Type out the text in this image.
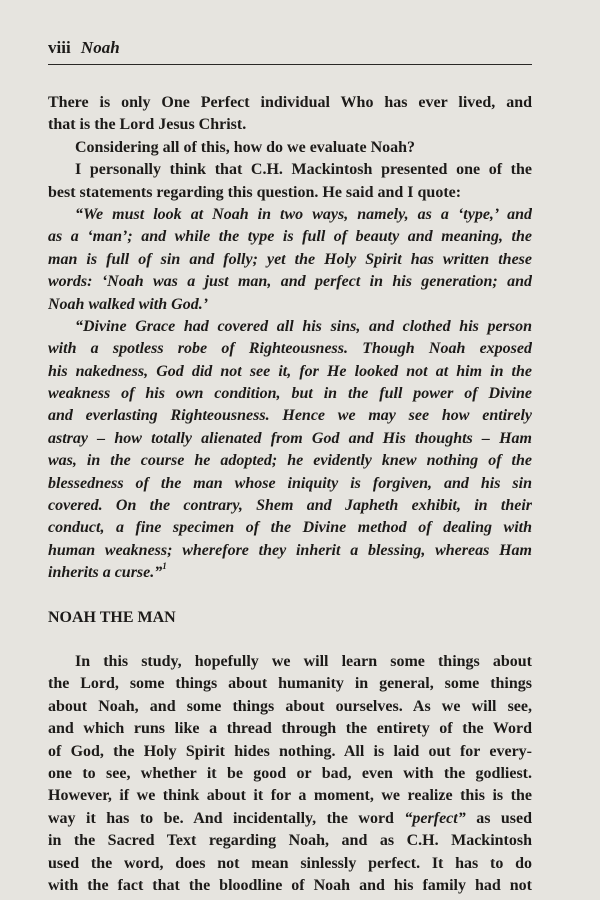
viii Noah
There is only One Perfect individual Who has ever lived, and
that is the Lord Jesus Christ.
Considering all of this, how do we evaluate Noah?
I personally think that C.H. Mackintosh presented one of the
best statements regarding this question. He said and I quote:
“We must look at Noah in two ways, namely, as a ‘type,’ and
as a ‘man’; and while the type is full of beauty and meaning, the
man is full of sin and folly; yet the Holy Spirit has written these
words: ‘Noah was a just man, and perfect in his generation; and
Noah walked with God.’
“Divine Grace had covered all his sins, and clothed his person
with a spotless robe of Righteousness. Though Noah exposed
his nakedness, God did not see it, for He looked not at him in the
weakness of his own condition, but in the full power of Divine
and everlasting Righteousness. Hence we may see how entirely
astray – how totally alienated from God and His thoughts – Ham
was, in the course he adopted; he evidently knew nothing of the
blessedness of the man whose iniquity is forgiven, and his sin
covered. On the contrary, Shem and Japheth exhibit, in their
conduct, a fine specimen of the Divine method of dealing with
human weakness; wherefore they inherit a blessing, whereas Ham
inherits a curse.”$^1$
NOAH THE MAN
In this study, hopefully we will learn some things about
the Lord, some things about humanity in general, some things
about Noah, and some things about ourselves. As we will see,
and which runs like a thread through the entirety of the Word
of God, the Holy Spirit hides nothing. All is laid out for every-
one to see, whether it be good or bad, even with the godliest.
However, if we think about it for a moment, we realize this is the
way it has to be. And incidentally, the word “perfect” as used
in the Sacred Text regarding Noah, and as C.H. Mackintosh
used the word, does not mean sinlessly perfect. It has to do
with the fact that the bloodline of Noah and his family had not
